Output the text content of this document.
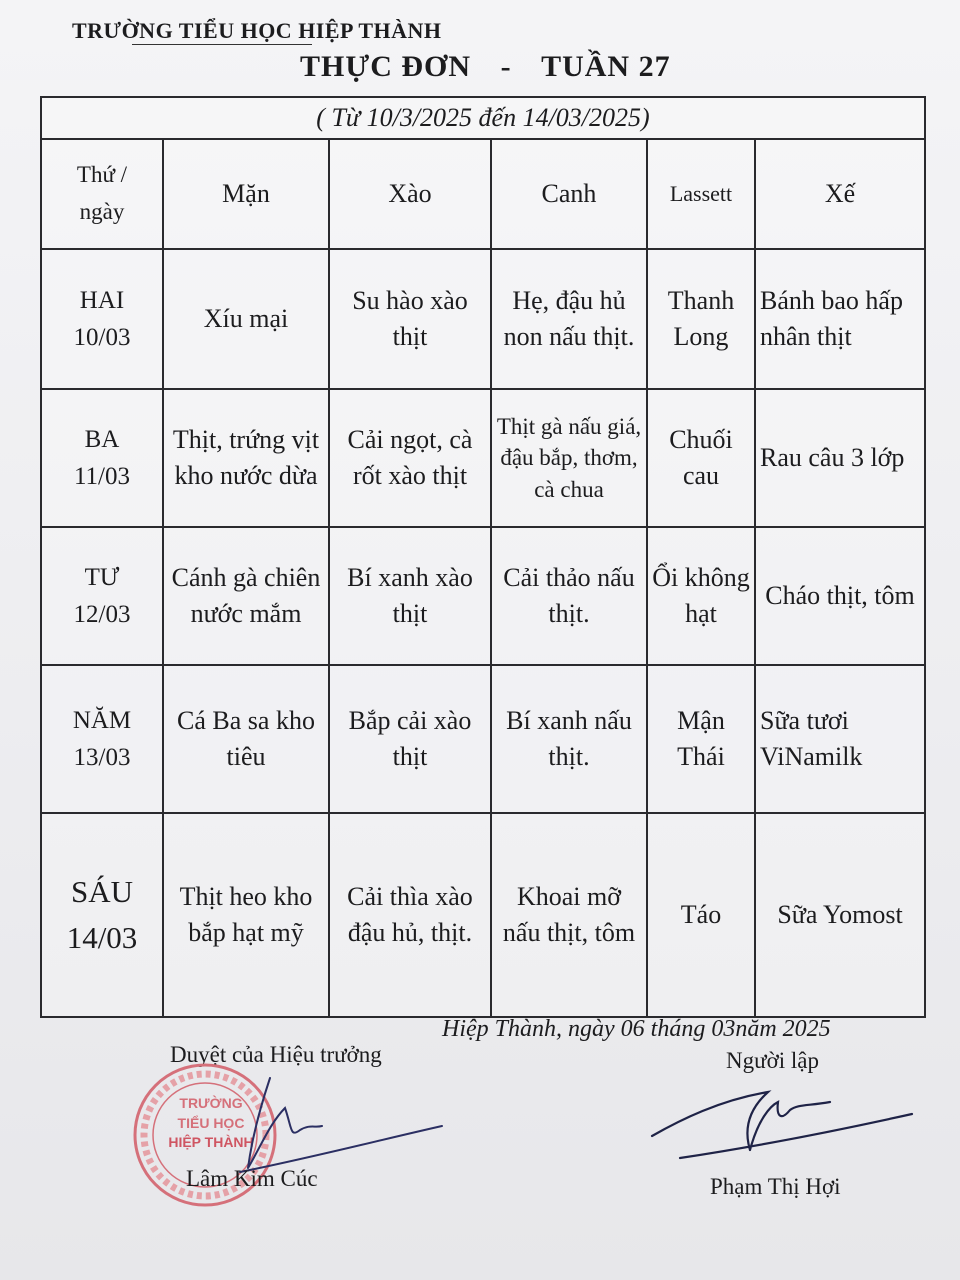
TRƯỜNG TIỂU HỌC HIỆP THÀNH
THỰC ĐƠN - TUẦN 27
( Từ 10/3/2025 đến 14/03/2025)					
Thứ /
ngày	Mặn	Xào	Canh	Lassett	Xế
HAI
10/03	Xíu mại	Su hào xào thịt	Hẹ, đậu hủ non nấu thịt.	Thanh Long	Bánh bao hấp nhân thịt
BA
11/03	Thịt, trứng vịt kho nước dừa	Cải ngọt, cà rốt xào thịt	Thịt gà nấu giá, đậu bắp, thơm, cà chua	Chuối cau	Rau câu 3 lớp
TƯ
12/03	Cánh gà chiên nước mắm	Bí xanh xào thịt	Cải thảo nấu thịt.	Ổi không hạt	Cháo thịt, tôm
NĂM
13/03	Cá Ba sa kho tiêu	Bắp cải xào thịt	Bí xanh nấu thịt.	Mận Thái	Sữa tươi ViNamilk
SÁU
14/03	Thịt heo kho bắp hạt mỹ	Cải thìa xào đậu hủ, thịt.	Khoai mỡ nấu thịt, tôm	Táo	Sữa Yomost
Hiệp Thành, ngày 06 tháng 03năm 2025
Duyệt của Hiệu trưởng	Người lập
TRƯỜNG
TIỂU HỌC
HIỆP THÀNH
Lâm Kim Cúc	Phạm Thị Hợi
